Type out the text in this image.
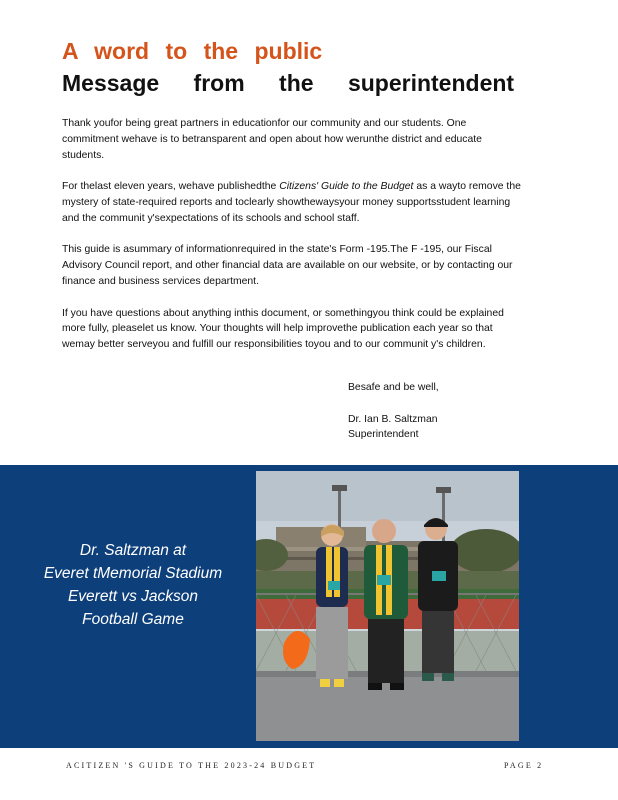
A word to the public
Message from the superintendent

Thank youfor being great partners in educationfor our community and our students. One commitment wehave is to betransparent and open about how werunthe district and educate students.

For thelast eleven years, wehave publishedthe Citizens' Guide to the Budget as a wayto remove the mystery of state-required reports and toclearly showthewaysyour money supportsstudent learning and the communit y'sexpectations of its schools and school staff.

This guide is asummary of informationrequired in the state's Form -195.The F -195, our Fiscal Advisory Council report, and other financial data are available on our website, or by contacting our finance and business services department.

If you have questions about anything inthis document, or somethingyou think could be explained more fully, pleaselet us know. Your thoughts will help improvethe publication each year so that wemay better serveyou and fulfill our responsibilities toyou and to our communit y's children.

Besafe and be well,
Dr. Ian B. Saltzman
Superintendent
Dr. Saltzman at
Everet tMemorial Stadium
Everett vs Jackson
Football Game
ACITIZEN 'S GUIDE TO THE 2023-24 BUDGET	PAGE 2
